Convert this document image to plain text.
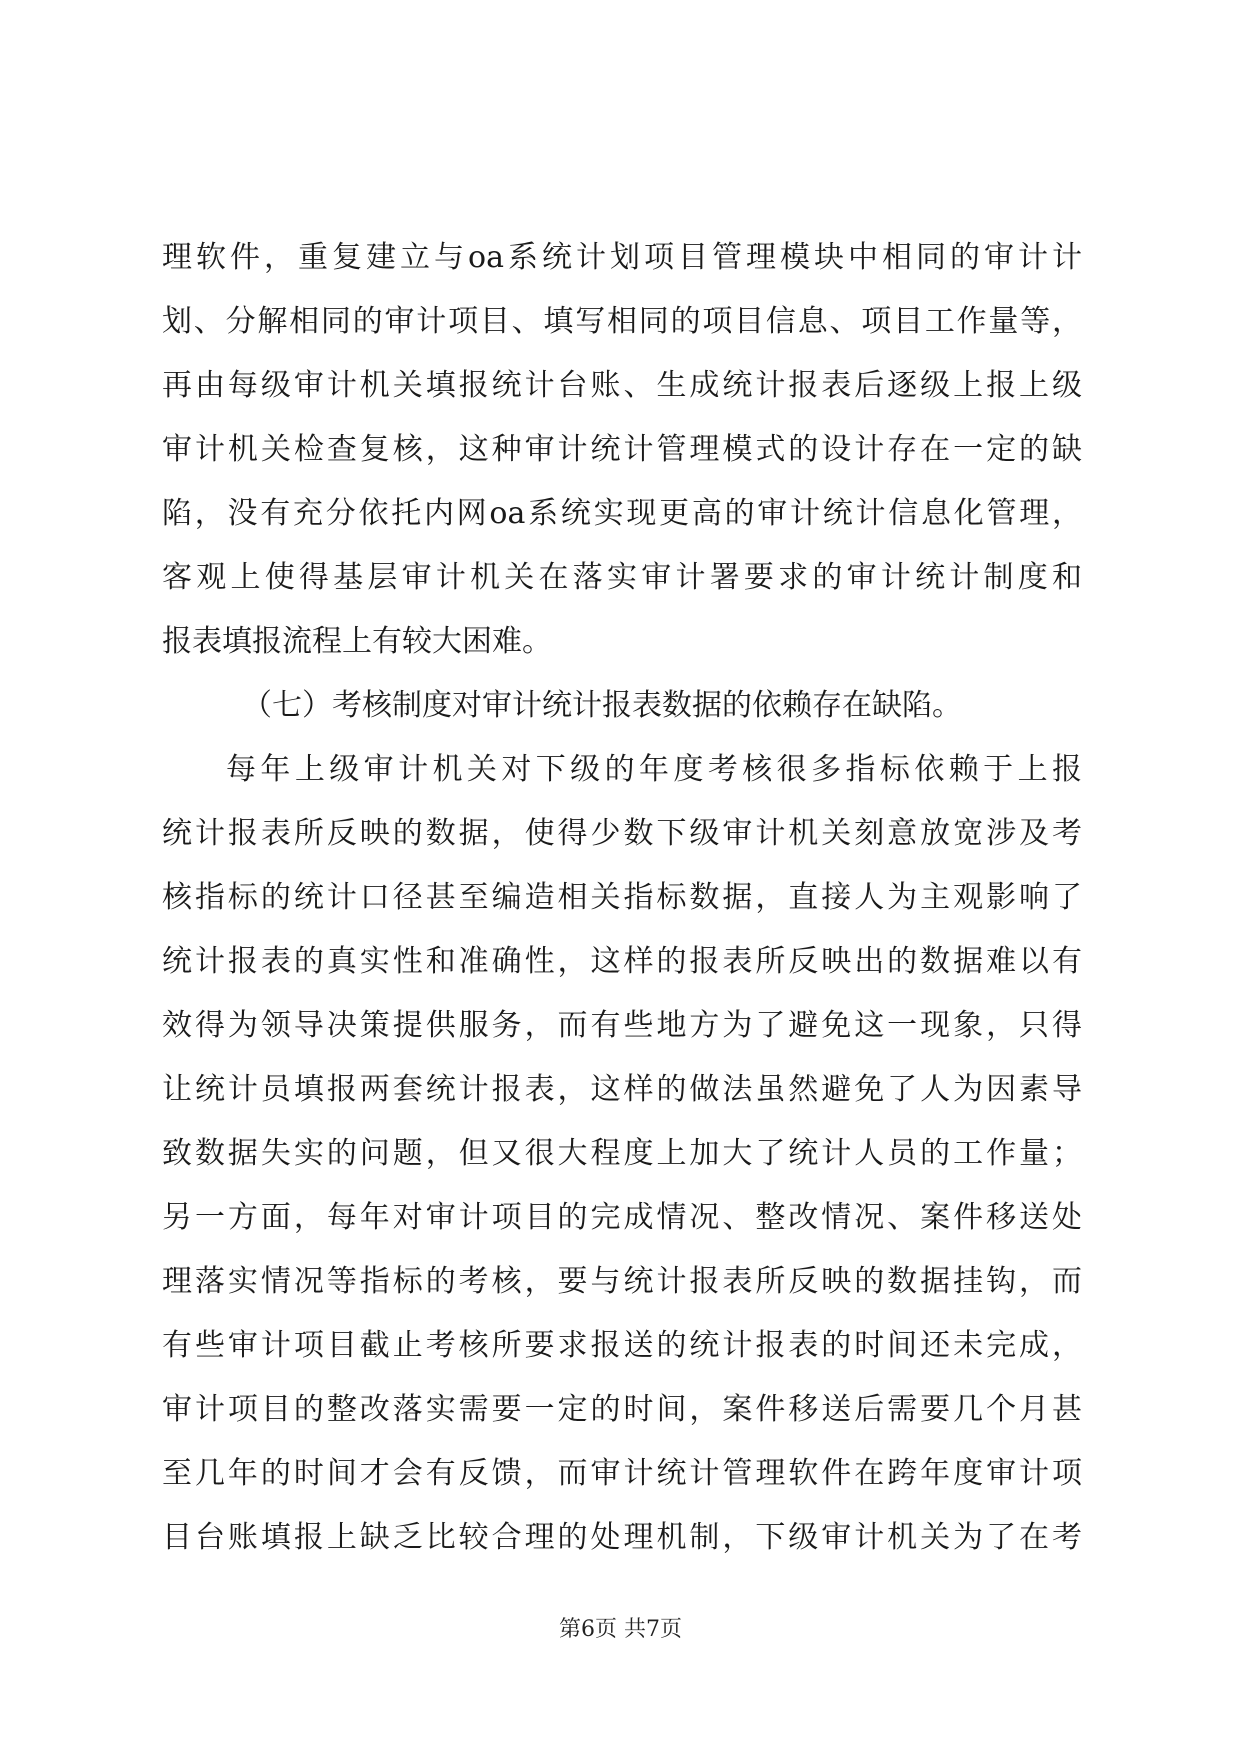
理软件，重复建立与oa系统计划项目管理模块中相同的审计计
划、分解相同的审计项目、填写相同的项目信息、项目工作量等，
再由每级审计机关填报统计台账、生成统计报表后逐级上报上级
审计机关检查复核，这种审计统计管理模式的设计存在一定的缺
陷，没有充分依托内网oa系统实现更高的审计统计信息化管理，
客观上使得基层审计机关在落实审计署要求的审计统计制度和
报表填报流程上有较大困难。
（七）考核制度对审计统计报表数据的依赖存在缺陷。
每年上级审计机关对下级的年度考核很多指标依赖于上报
统计报表所反映的数据，使得少数下级审计机关刻意放宽涉及考
核指标的统计口径甚至编造相关指标数据，直接人为主观影响了
统计报表的真实性和准确性，这样的报表所反映出的数据难以有
效得为领导决策提供服务，而有些地方为了避免这一现象，只得
让统计员填报两套统计报表，这样的做法虽然避免了人为因素导
致数据失实的问题，但又很大程度上加大了统计人员的工作量；
另一方面，每年对审计项目的完成情况、整改情况、案件移送处
理落实情况等指标的考核，要与统计报表所反映的数据挂钩，而
有些审计项目截止考核所要求报送的统计报表的时间还未完成，
审计项目的整改落实需要一定的时间，案件移送后需要几个月甚
至几年的时间才会有反馈，而审计统计管理软件在跨年度审计项
目台账填报上缺乏比较合理的处理机制，下级审计机关为了在考
第6页 共7页
